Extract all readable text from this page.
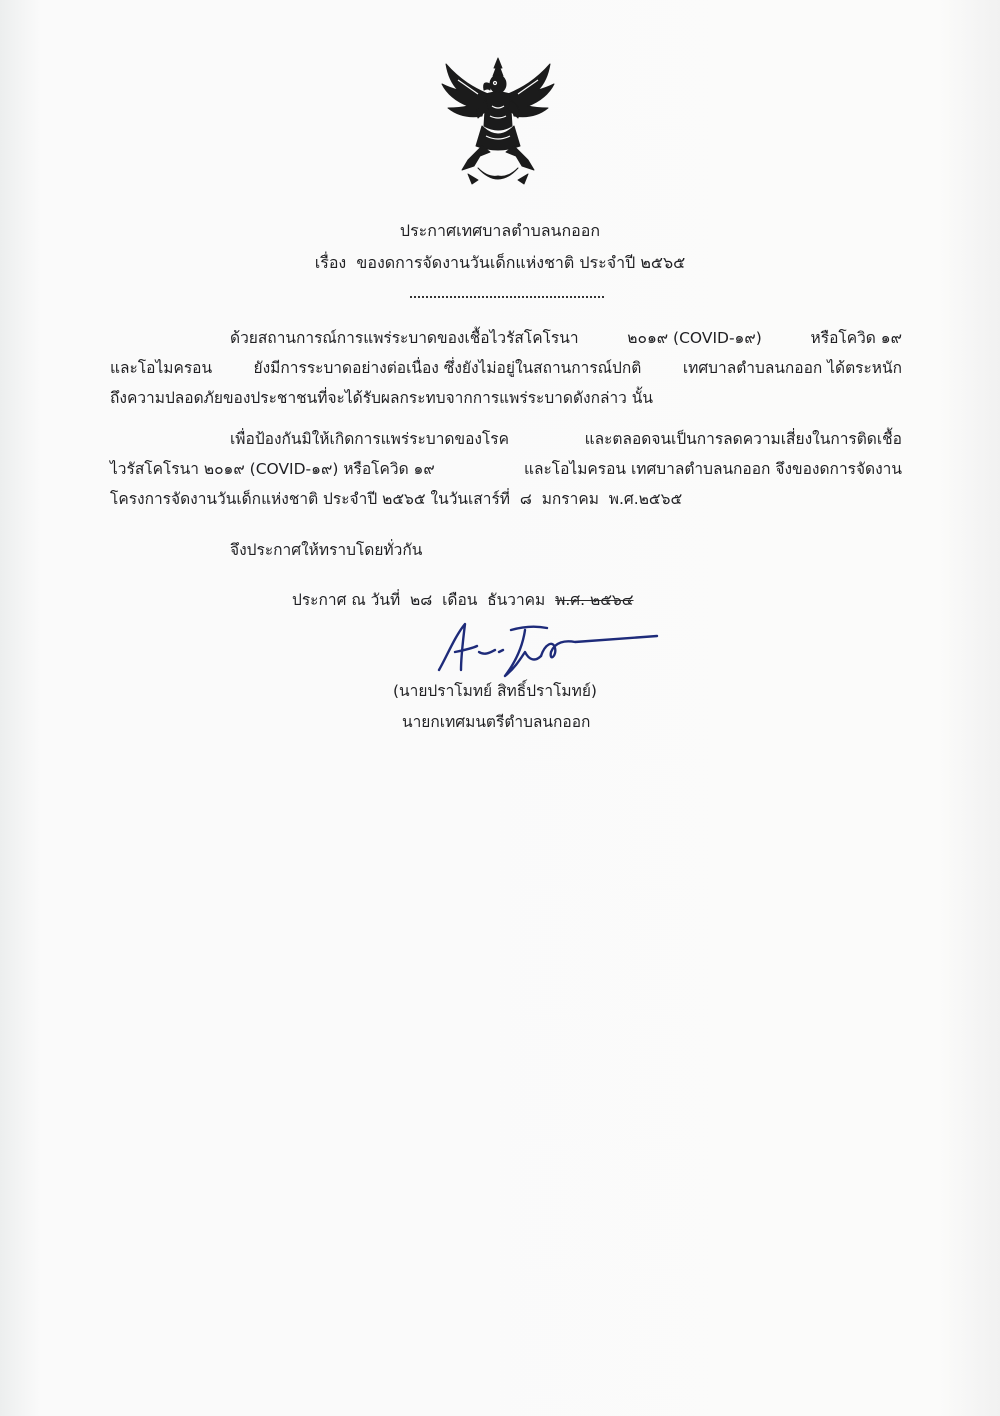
ประกาศเทศบาลตำบลนกออก
เรื่อง ของดการจัดงานวันเด็กแห่งชาติ ประจำปี ๒๕๖๕
ด้วยสถานการณ์การแพร่ระบาดของเชื้อไวรัสโคโรนา	๒๐๑๙ (COVID-๑๙)	หรือโควิด ๑๙
และโอไมครอน	ยังมีการระบาดอย่างต่อเนื่อง ซึ่งยังไม่อยู่ในสถานการณ์ปกติ	เทศบาลตำบลนกออก ได้ตระหนัก
ถึงความปลอดภัยของประชาชนที่จะได้รับผลกระทบจากการแพร่ระบาดดังกล่าว นั้น
เพื่อป้องกันมิให้เกิดการแพร่ระบาดของโรค	และตลอดจนเป็นการลดความเสี่ยงในการติดเชื้อ
ไวรัสโคโรนา ๒๐๑๙ (COVID-๑๙) หรือโควิด ๑๙	และโอไมครอน เทศบาลตำบลนกออก จึงของดการจัดงาน
โครงการจัดงานวันเด็กแห่งชาติ ประจำปี ๒๕๖๕ ในวันเสาร์ที่
๘
มกราคม
พ.ศ.๒๕๖๕
จึงประกาศให้ทราบโดยทั่วกัน
ประกาศ ณ วันที่ ๒๘ เดือน ธันวาคม พ.ศ. ๒๕๖๔
(นายปราโมทย์ สิทธิ์ปราโมทย์)
นายกเทศมนตรีตำบลนกออก
